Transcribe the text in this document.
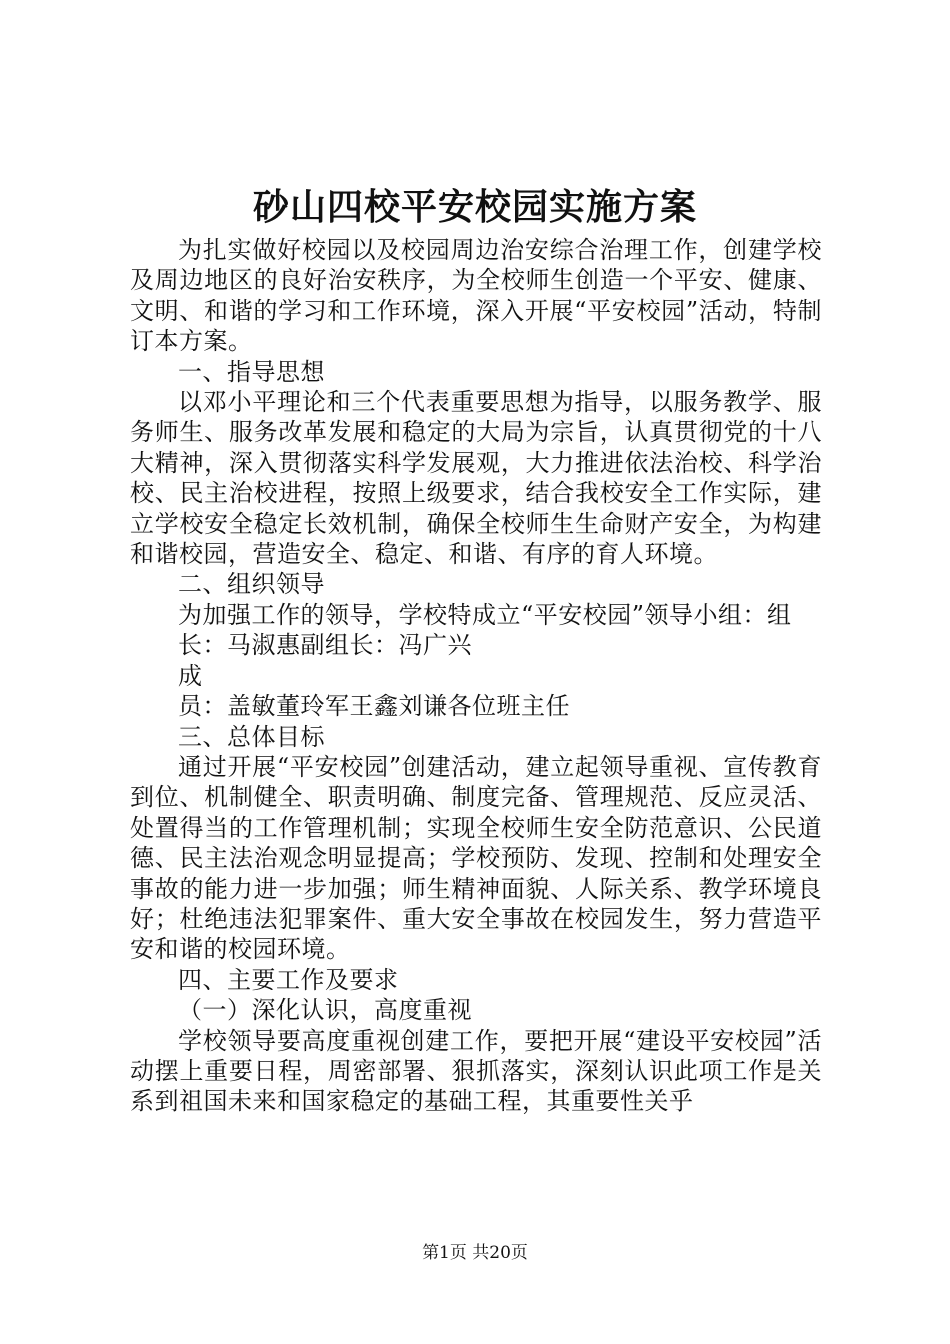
砂山四校平安校园实施方案

为扎实做好校园以及校园周边治安综合治理工作，创建学校及周边地区的良好治安秩序，为全校师生创造一个平安、健康、文明、和谐的学习和工作环境，深入开展“平安校园”活动，特制订本方案。

一、指导思想

以邓小平理论和三个代表重要思想为指导，以服务教学、服务师生、服务改革发展和稳定的大局为宗旨，认真贯彻党的十八大精神，深入贯彻落实科学发展观，大力推进依法治校、科学治校、民主治校进程，按照上级要求，结合我校安全工作实际，建立学校安全稳定长效机制，确保全校师生生命财产安全，为构建和谐校园，营造安全、稳定、和谐、有序的育人环境。

二、组织领导

为加强工作的领导，学校特成立“平安校园”领导小组：组

长：马淑惠副组长：冯广兴

成

员：盖敏董玲军王鑫刘谦各位班主任

三、总体目标

通过开展“平安校园”创建活动，建立起领导重视、宣传教育到位、机制健全、职责明确、制度完备、管理规范、反应灵活、处置得当的工作管理机制；实现全校师生安全防范意识、公民道德、民主法治观念明显提高；学校预防、发现、控制和处理安全事故的能力进一步加强；师生精神面貌、人际关系、教学环境良好；杜绝违法犯罪案件、重大安全事故在校园发生，努力营造平安和谐的校园环境。

四、主要工作及要求

（一）深化认识，高度重视

学校领导要高度重视创建工作，要把开展“建设平安校园”活动摆上重要日程，周密部署、狠抓落实，深刻认识此项工作是关系到祖国未来和国家稳定的基础工程，其重要性关乎

第1页 共20页
